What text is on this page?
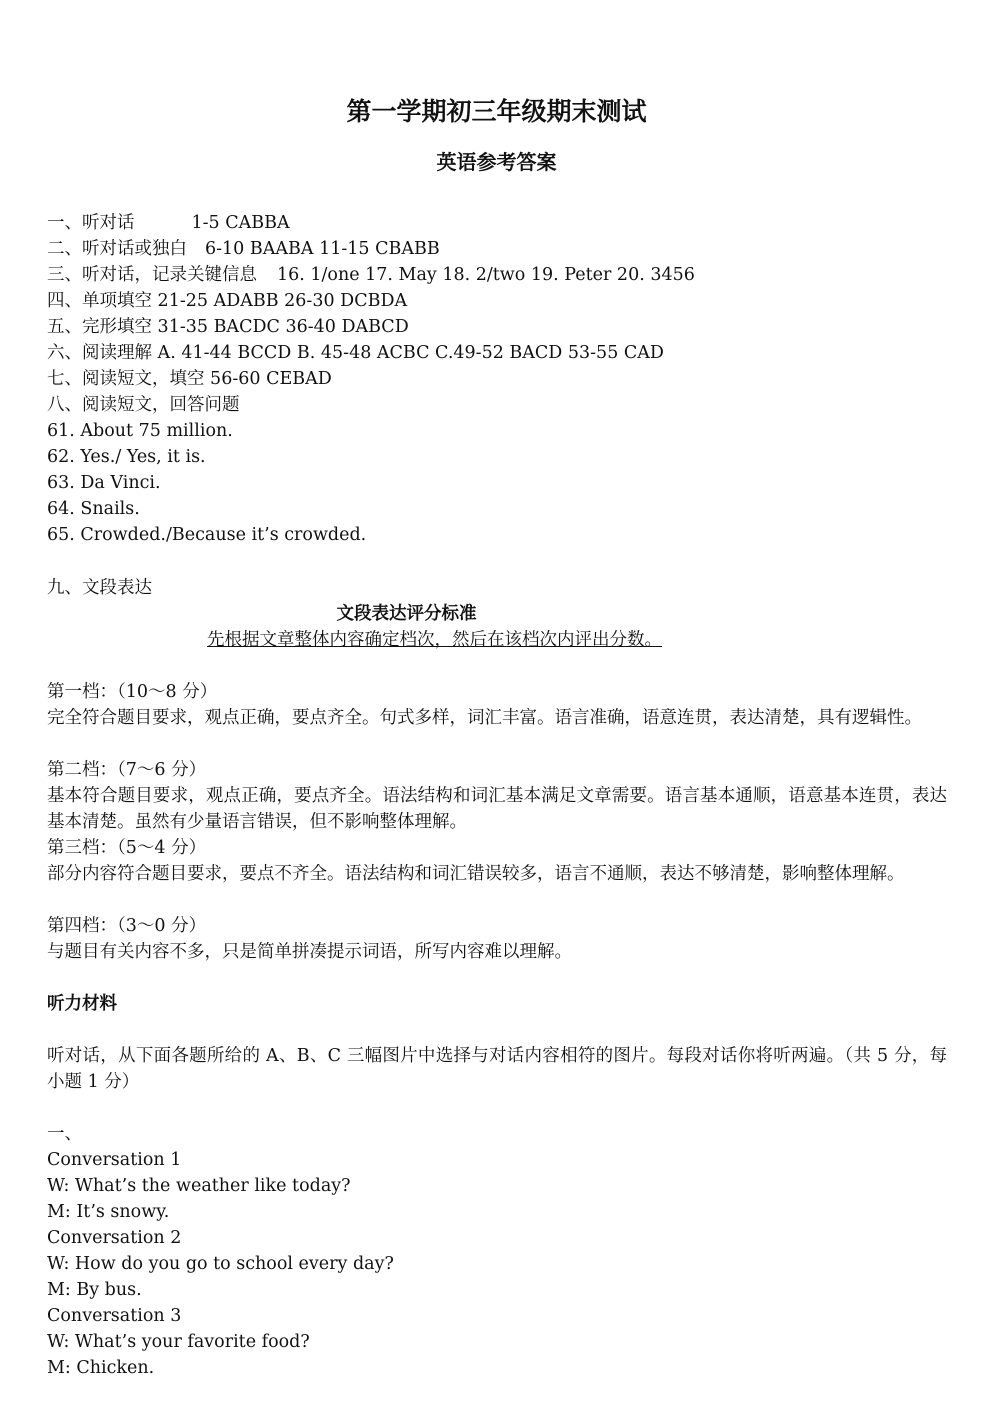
第一学期初三年级期末测试
英语参考答案
一、听对话	1-5 CABBA
二、听对话或独白 6-10 BAABA 11-15 CBABB
三、听对话，记录关键信息 16. 1/one 17. May 18. 2/two 19. Peter 20. 3456
四、单项填空 21-25 ADABB 26-30 DCBDA
五、完形填空 31-35 BACDC 36-40 DABCD
六、阅读理解 A. 41-44 BCCD B. 45-48 ACBC C.49-52 BACD 53-55 CAD
七、阅读短文，填空 56-60 CEBAD
八、阅读短文，回答问题
61. About 75 million.
62. Yes./ Yes, it is.
63. Da Vinci.
64. Snails.
65. Crowded./Because it’s crowded.
九、文段表达
文段表达评分标准
先根据文章整体内容确定档次，然后在该档次内评出分数。
第一档：（10～8 分）
完全符合题目要求，观点正确，要点齐全。句式多样，词汇丰富。语言准确，语意连贯，表达清楚，具有逻辑性。
第二档：（7～6 分）
基本符合题目要求，观点正确，要点齐全。语法结构和词汇基本满足文章需要。语言基本通顺，语意基本连贯，表达基本清楚。虽然有少量语言错误，但不影响整体理解。
第三档：（5～4 分）
部分内容符合题目要求，要点不齐全。语法结构和词汇错误较多，语言不通顺，表达不够清楚，影响整体理解。
第四档：（3～0 分）
与题目有关内容不多，只是简单拼凑提示词语，所写内容难以理解。
听力材料
听对话，从下面各题所给的 A、B、C 三幅图片中选择与对话内容相符的图片。每段对话你将听两遍。（共 5 分，每小题 1 分）
一、
Conversation 1
W: What’s the weather like today?
M: It’s snowy.
Conversation 2
W: How do you go to school every day?
M: By bus.
Conversation 3
W: What’s your favorite food?
M: Chicken.
